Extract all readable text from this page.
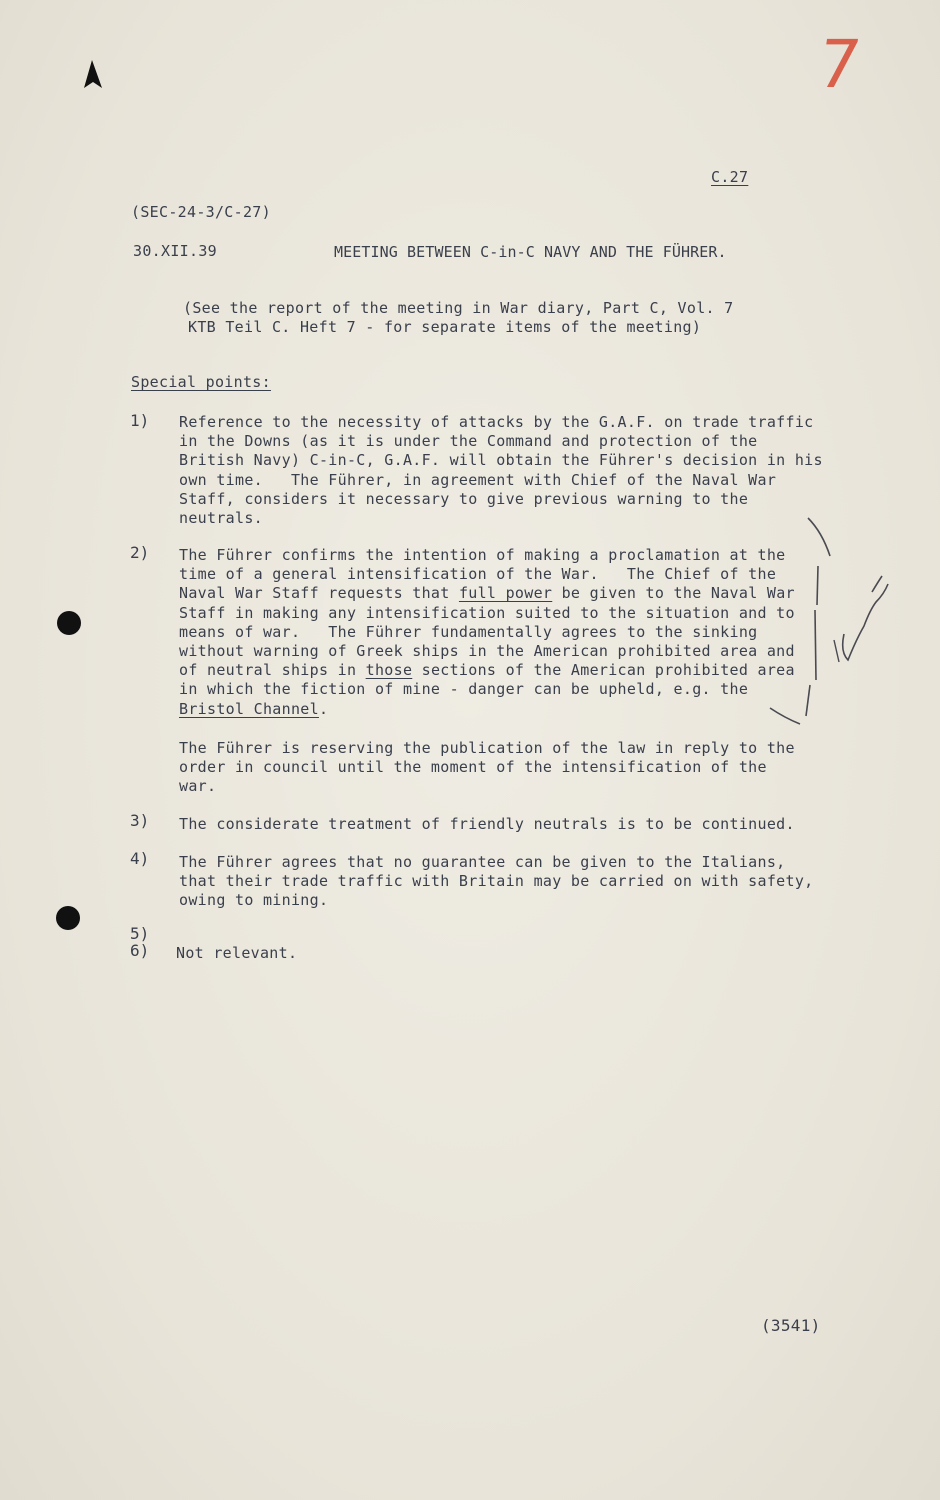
7
C.27
(SEC-24-3/C-27)
30.XII.39	MEETING BETWEEN C-in-C NAVY AND THE FÜHRER.
(See the report of the meeting in War diary, Part C, Vol. 7
KTB Teil C. Heft 7 - for separate items of the meeting)
Special points:
1) Reference to the necessity of attacks by the G.A.F. on trade traffic
in the Downs (as it is under the Command and protection of the
British Navy) C-in-C, G.A.F. will obtain the Führer's decision in his
own time.   The Führer, in agreement with Chief of the Naval War
Staff, considers it necessary to give previous warning to the
neutrals.
2) The Führer confirms the intention of making a proclamation at the
time of a general intensification of the War.   The Chief of the
Naval War Staff requests that full power be given to the Naval War
Staff in making any intensification suited to the situation and to
means of war.   The Führer fundamentally agrees to the sinking
without warning of Greek ships in the American prohibited area and
of neutral ships in those sections of the American prohibited area
in which the fiction of mine - danger can be upheld, e.g. the
Bristol Channel.
The Führer is reserving the publication of the law in reply to the
order in council until the moment of the intensification of the
war.
3) The considerate treatment of friendly neutrals is to be continued.
4) The Führer agrees that no guarantee can be given to the Italians,
that their trade traffic with Britain may be carried on with safety,
owing to mining.
5)
6) Not relevant.
(3541)
